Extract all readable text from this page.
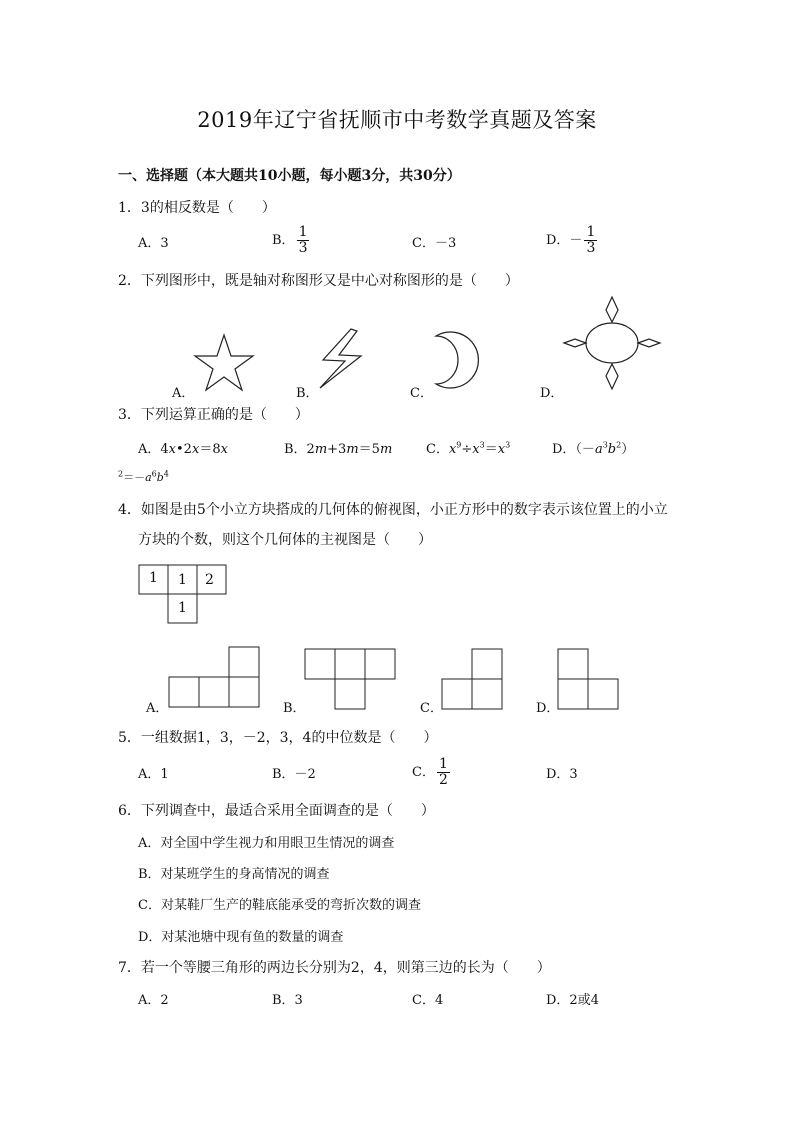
2019年辽宁省抚顺市中考数学真题及答案
一、选择题（本大题共10小题，每小题3分，共30分）
1．3的相反数是（　　）
A．3	B． $\frac{1}{3}$	C．－3	D．－ $\frac{1}{3}$
2．下列图形中，既是轴对称图形又是中心对称图形的是（　　）
A．	B．	C．	D．
3．下列运算正确的是（　　）
A．4x•2x＝8x	B．2m+3m＝5m	C．$x^9\div x^3=x^3$	D．$(-a^3b^2)$
$^2=-a^6b^4$
4．如图是由5个小立方块搭成的几何体的俯视图，小正方形中的数字表示该位置上的小立
方块的个数，则这个几何体的主视图是（　　）
1 1 2
1
A．	B．	C．	D．
5．一组数据1，3，－2，3，4的中位数是（　　）
A．1	B．－2	C． $\frac{1}{2}$	D．3
6．下列调查中，最适合采用全面调查的是（　　）
A．对全国中学生视力和用眼卫生情况的调查
B．对某班学生的身高情况的调查
C．对某鞋厂生产的鞋底能承受的弯折次数的调查
D．对某池塘中现有鱼的数量的调查
7．若一个等腰三角形的两边长分别为2，4，则第三边的长为（　　）
A．2	B．3	C．4	D．2或4
